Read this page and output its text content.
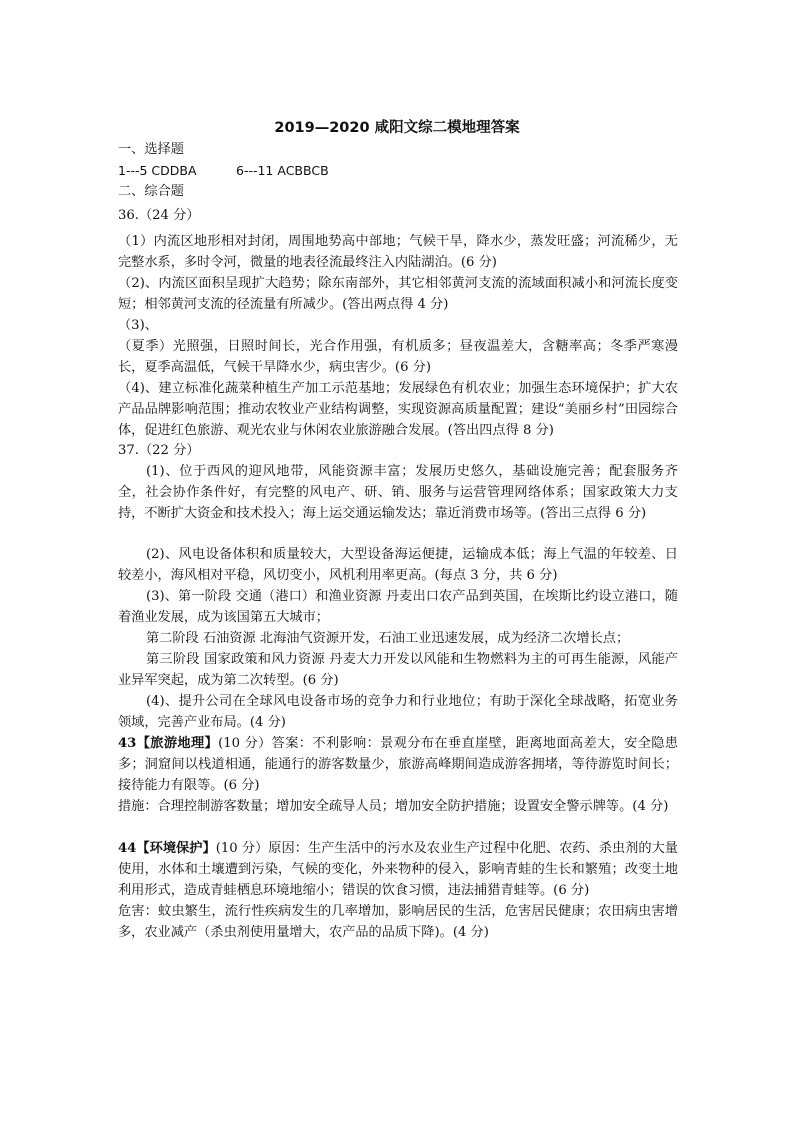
2019—2020 咸阳文综二模地理答案
一、选择题
1---5 CDDBA	6---11 ACBBCB
二、综合题
36.（24 分）
（1）内流区地形相对封闭，周围地势高中部地；气候干旱，降水少，蒸发旺盛；河流稀少，无完整水系，多时令河，微量的地表径流最终注入内陆湖泊。(6 分)
（2)、内流区面积呈现扩大趋势；除东南部外，其它相邻黄河支流的流域面积减小和河流长度变短；相邻黄河支流的径流量有所减少。(答出两点得 4 分)
（3)、
（夏季）光照强，日照时间长，光合作用强，有机质多；昼夜温差大，含糖率高；冬季严寒漫长，夏季高温低，气候干旱降水少，病虫害少。(6 分)
（4)、建立标准化蔬菜种植生产加工示范基地；发展绿色有机农业；加强生态环境保护；扩大农产品品牌影响范围；推动农牧业产业结构调整，实现资源高质量配置；建设“美丽乡村”田园综合体，促进红色旅游、观光农业与休闲农业旅游融合发展。(答出四点得 8 分)
37.（22 分）
(1)、位于西风的迎风地带，风能资源丰富；发展历史悠久，基础设施完善；配套服务齐全，社会协作条件好，有完整的风电产、研、销、服务与运营管理网络体系；国家政策大力支持，不断扩大资金和技术投入；海上运交通运输发达；靠近消费市场等。(答出三点得 6 分)
(2)、风电设备体积和质量较大，大型设备海运便捷，运输成本低；海上气温的年较差、日较差小，海风相对平稳，风切变小，风机利用率更高。(每点 3 分，共 6 分)
(3)、第一阶段 交通（港口）和渔业资源 丹麦出口农产品到英国，在埃斯比约设立港口，随着渔业发展，成为该国第五大城市；
第二阶段 石油资源 北海油气资源开发，石油工业迅速发展，成为经济二次增长点；
第三阶段 国家政策和风力资源 丹麦大力开发以风能和生物燃料为主的可再生能源，风能产业异军突起，成为第二次转型。(6 分)
(4)、提升公司在全球风电设备市场的竞争力和行业地位；有助于深化全球战略，拓宽业务领域，完善产业布局。(4 分)
43【旅游地理】(10 分）答案：不利影响：景观分布在垂直崖壁，距离地面高差大，安全隐患多；洞窟间以栈道相通，能通行的游客数量少，旅游高峰期间造成游客拥堵，等待游览时间长；接待能力有限等。(6 分)
措施：合理控制游客数量；增加安全疏导人员；增加安全防护措施；设置安全警示牌等。(4 分)
44【环境保护】(10 分）原因：生产生活中的污水及农业生产过程中化肥、农药、杀虫剂的大量使用，水体和土壤遭到污染，气候的变化，外来物种的侵入，影响青蛙的生长和繁殖；改变土地利用形式，造成青蛙栖息环境地缩小；错误的饮食习惯，违法捕猎青蛙等。(6 分)
危害：蚊虫繁生，流行性疾病发生的几率增加，影响居民的生活，危害居民健康；农田病虫害增多，农业减产（杀虫剂使用量增大，农产品的品质下降)。(4 分)
